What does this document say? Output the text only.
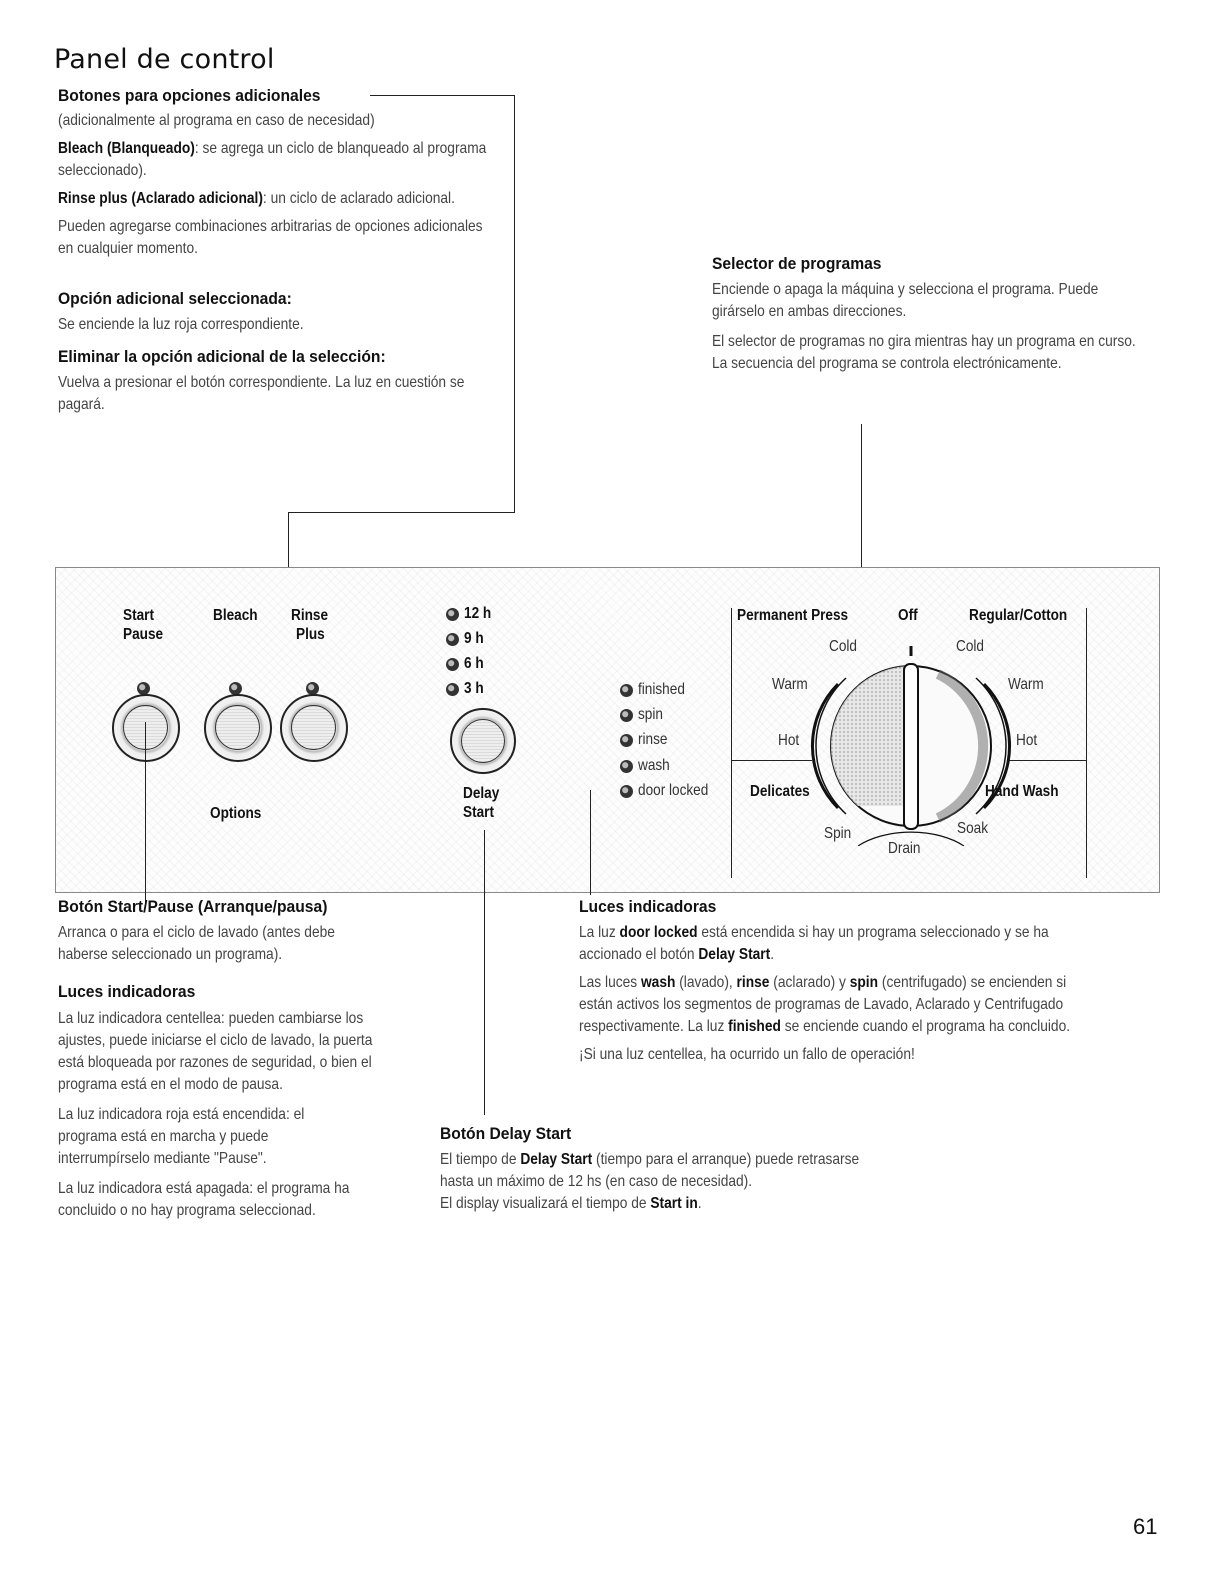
Panel de control
Botones para opciones adicionales
(adicionalmente al programa en caso de necesidad)
Bleach (Blanqueado): se agrega un ciclo de blanqueado al programa seleccionado).
Rinse plus (Aclarado adicional): un ciclo de aclarado adicional.
Pueden agregarse combinaciones arbitrarias de opciones adicionales en cualquier momento.
Opción adicional seleccionada:
Se enciende la luz roja correspondiente.
Eliminar la opción adicional de la selección:
Vuelva a presionar el botón correspondiente. La luz en cuestión se pagará.
Selector de programas
Enciende o apaga la máquina y selecciona el programa. Puede girárselo en ambas direcciones.
El selector de programas no gira mientras hay un programa en curso. La secuencia del programa se controla electrónicamente.
Start
Pause
Bleach Rinse
Plus
Options
12 h
9 h
6 h
3 h
Delay
Start
finished
spin
rinse
wash
door locked
Permanent Press	Off	Regular/Cotton
Cold	Cold
Warm	Warm
Hot	Hot
Delicates	Hand Wash
Spin	Soak
Drain
Botón Start/Pause (Arranque/pausa)
Arranca o para el ciclo de lavado (antes debe haberse seleccionado un programa).
Luces indicadoras
La luz indicadora centellea: pueden cambiarse los ajustes, puede iniciarse el ciclo de lavado, la puerta está bloqueada por razones de seguridad, o bien el programa está en el modo de pausa.
La luz indicadora roja está encendida: el programa está en marcha y puede interrumpírselo mediante "Pause".
La luz indicadora está apagada: el programa ha concluido o no hay programa seleccionad.
Luces indicadoras
La luz door locked está encendida si hay un programa seleccionado y se ha accionado el botón Delay Start.
Las luces wash (lavado), rinse (aclarado) y spin (centrifugado) se encienden si están activos los segmentos de programas de Lavado, Aclarado y Centrifugado respectivamente. La luz finished se enciende cuando el programa ha concluido.
¡Si una luz centellea, ha ocurrido un fallo de operación!
Botón Delay Start
El tiempo de Delay Start (tiempo para el arranque) puede retrasarse
hasta un máximo de 12 hs (en caso de necesidad).
El display visualizará el tiempo de Start in.
61
